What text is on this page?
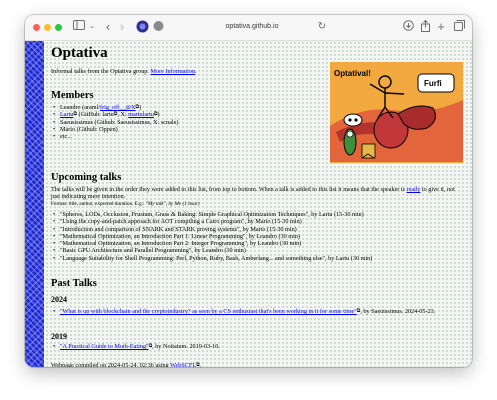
⌄ ‹ ›	optativa.github.io	↻	+
Optativa
Informal talks from the Optativa group. More Information.
Members
• Leandro (araml/frig_off__@X⧉)
• Lartu⧉ (GitHub: lartu⧉, X: martulartu⧉)
• Saeusissimus (Github: Saeusissimus, X: scnale)
• Mario (Github: Oppen)
• etc...
Upcoming talks
The talks will be given in the order they were added to this list, from top to bottom. When a talk is added to this list it means that the speaker is ready to give it, not just indicating mere intention.
Format: title, author, expected duration. E.g.: "My talk", by Me (1 hour)
• "Spheres, LODs, Occlusion, Frustum, Grass & Baking: Simple Graphical Optimization Techniques", by Lartu (15-30 min)
• "Using the copy-and-patch approach for AOT compiling a Cairo program", by Mario (15-30 min)
• "Introduction and comparison of SNARK and STARK proving systems", by Mario (15-30 min)
• "Mathematical Optimization, an Introduction Part 1: Linear Programming", by Leandro (30 min)
• "Mathematical Optimization, an Introduction Part 2: Integer Programming", by Leandro (30 min)
• "Basic GPU Architecture and Parallel Programming", by Leandro (30 min)
• "Language Suitability for Shell Programming: Perl, Python, Ruby, Bash, Amberlang... and something else", by Lartu (30 min)
Past Talks
2024
• "What is up with blockchain and the cryptoindustry? as seen by a CS enthusiast that's been working in it for some time"⧉, by Saeuissimus. 2024-05-23.
2019
• "A Practical Guide to Moth-Eating"⧉, by Noitatum. 2019-03-10.
Webpage compiled on 2024-05-24, 02:36 using WebSCFL⧉.
Optatival!
Furfi
